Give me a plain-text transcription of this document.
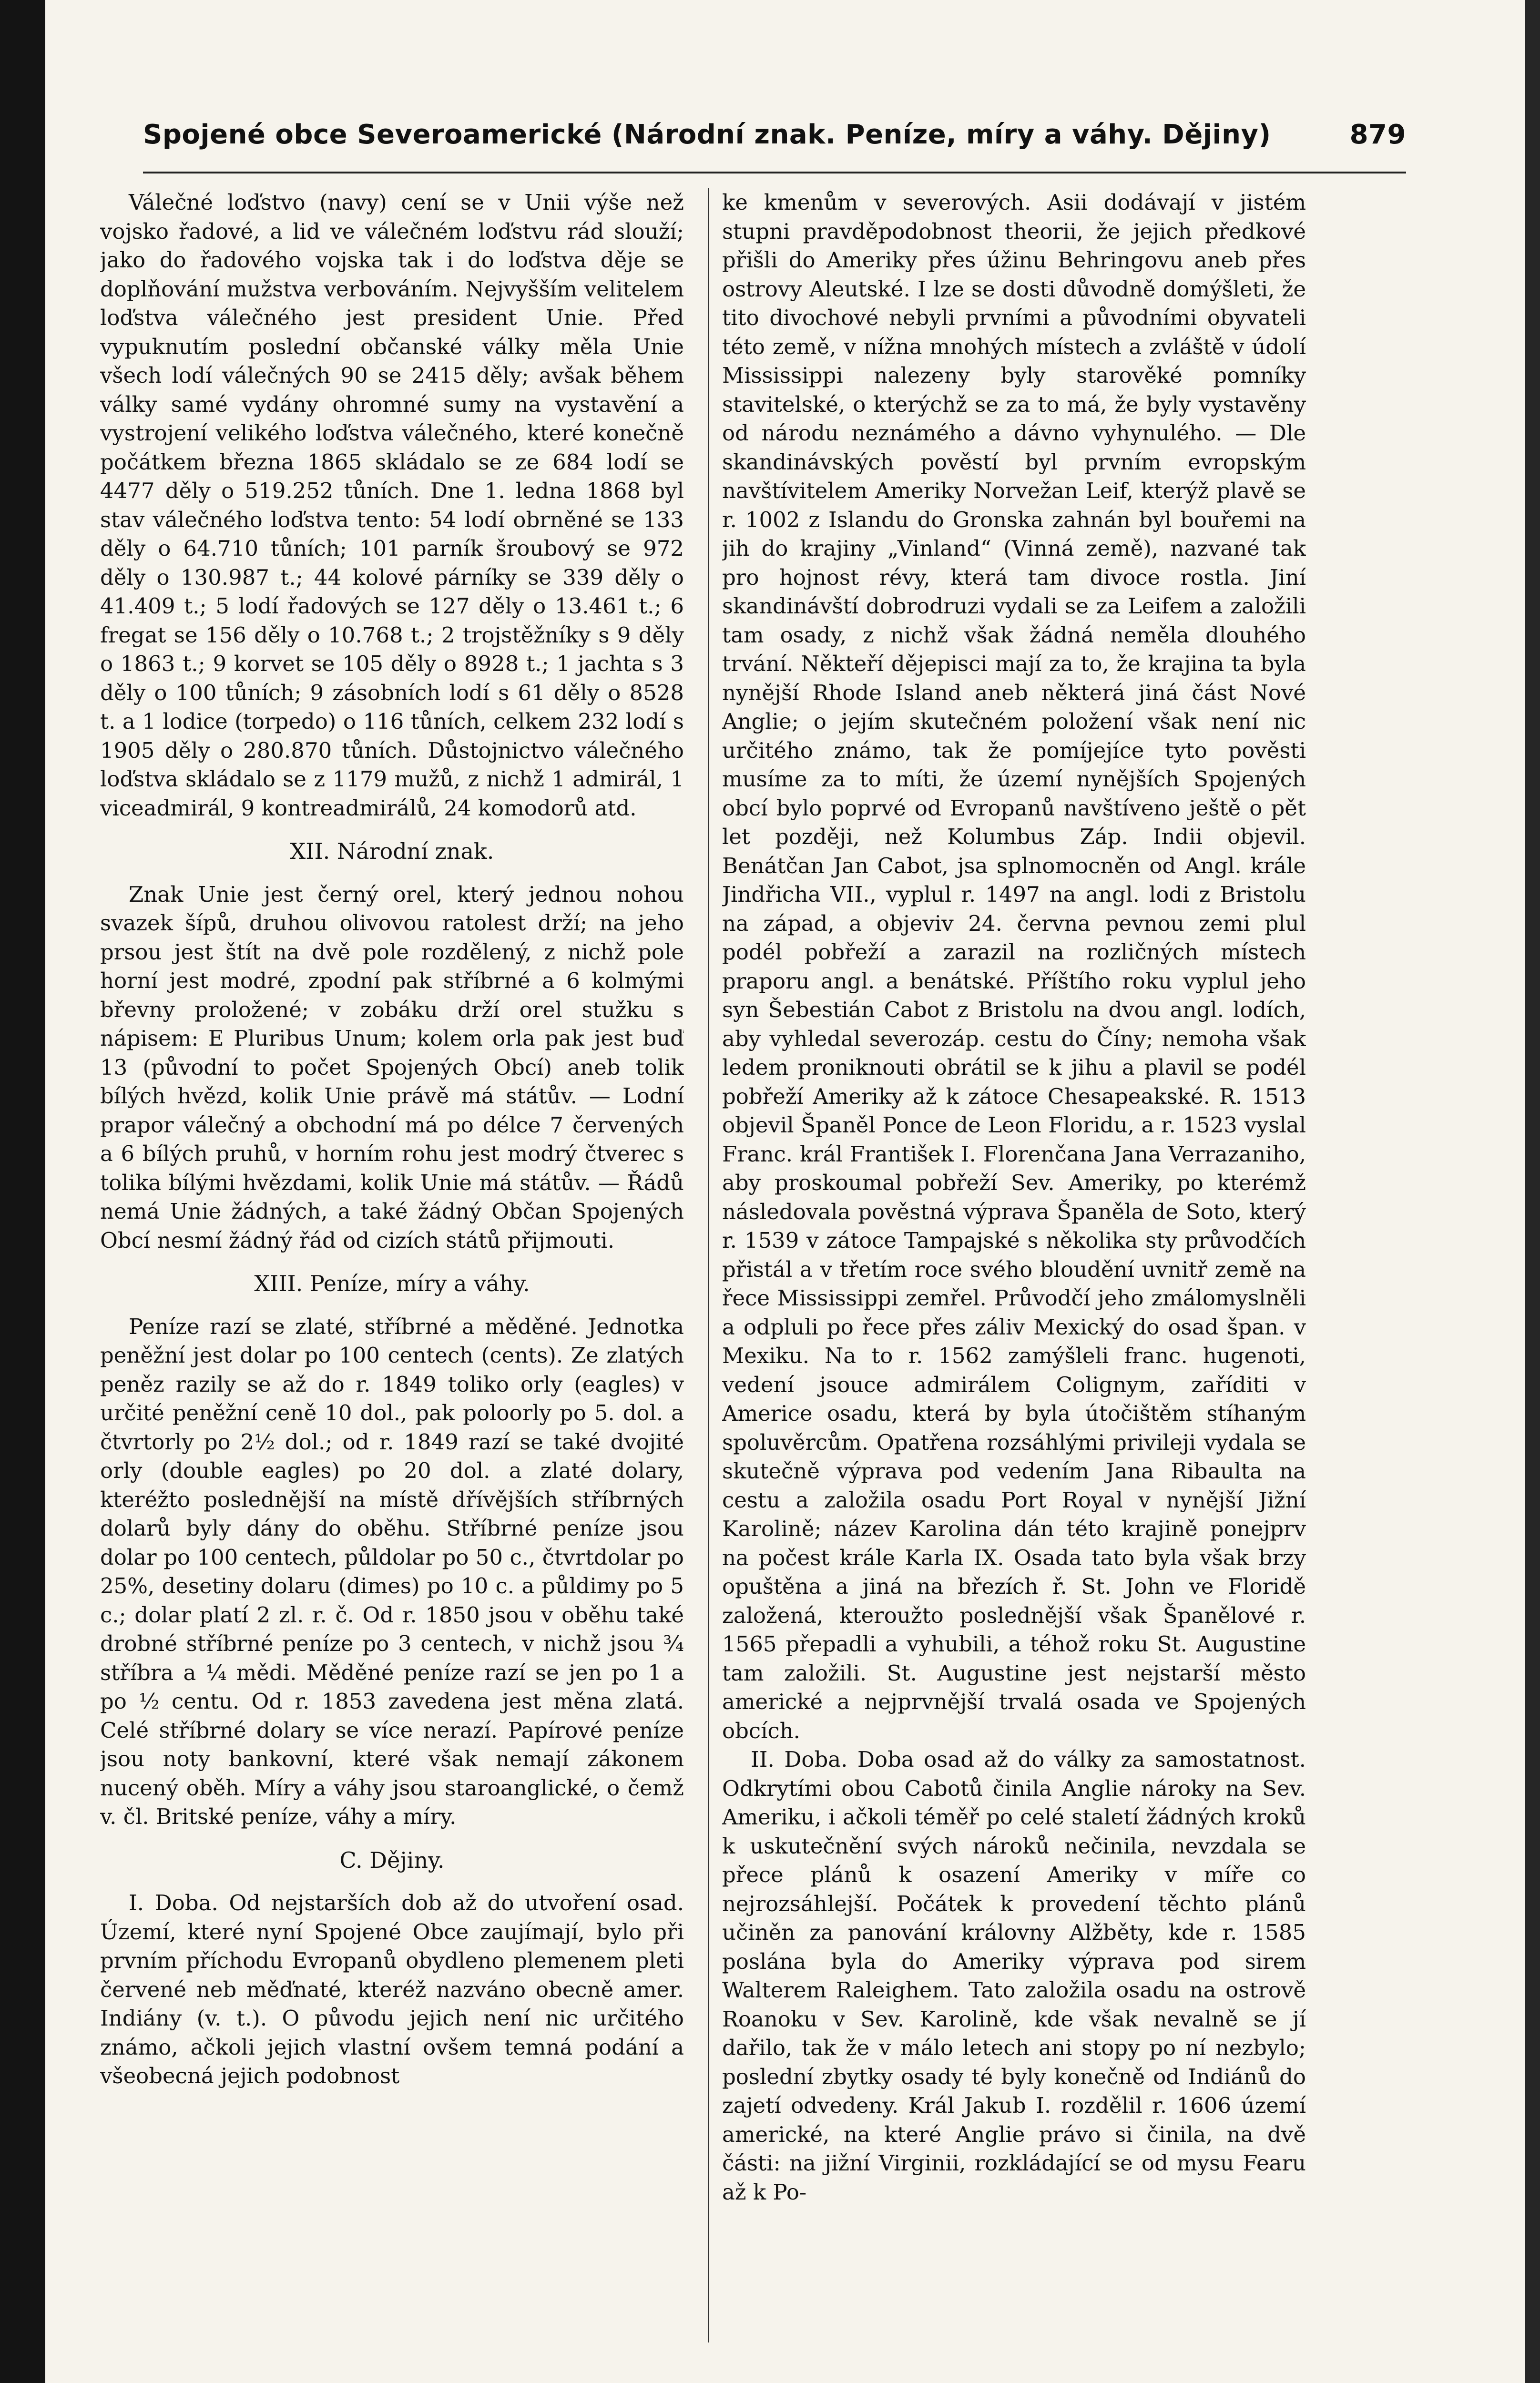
Spojené obce Severoamerické (Národní znak. Peníze, míry a váhy. Dějiny)	879

Válečné loďstvo (navy) cení se v Unii výše než vojsko řadové, a lid ve válečném loďstvu rád slouží; jako do řadového vojska tak i do loďstva děje se doplňování mužstva verbováním. Nejvyšším velitelem loďstva válečného jest president Unie. Před vypuknutím poslední občanské války měla Unie všech lodí válečných 90 se 2415 děly; avšak během války samé vydány ohromné sumy na vystavění a vystrojení velikého loďstva válečného, které konečně počátkem března 1865 skládalo se ze 684 lodí se 4477 děly o 519.252 tůních. Dne 1. ledna 1868 byl stav válečného loďstva tento: 54 lodí obrněné se 133 děly o 64.710 tůních; 101 parník šroubový se 972 děly o 130.987 t.; 44 kolové párníky se 339 děly o 41.409 t.; 5 lodí řadových se 127 děly o 13.461 t.; 6 fregat se 156 děly o 10.768 t.; 2 trojstěžníky s 9 děly o 1863 t.; 9 korvet se 105 děly o 8928 t.; 1 jachta s 3 děly o 100 tůních; 9 zásobních lodí s 61 děly o 8528 t. a 1 lodice (torpedo) o 116 tůních, celkem 232 lodí s 1905 děly o 280.870 tůních. Důstojnictvo válečného loďstva skládalo se z 1179 mužů, z nichž 1 admirál, 1 viceadmirál, 9 kontreadmirálů, 24 komodorů atd.

XII. Národní znak.

Znak Unie jest černý orel, který jednou nohou svazek šípů, druhou olivovou ratolest drží; na jeho prsou jest štít na dvě pole rozdělený, z nichž pole horní jest modré, zpodní pak stříbrné a 6 kolmými břevny proložené; v zobáku drží orel stužku s nápisem: E Pluribus Unum; kolem orla pak jest buď 13 (původní to počet Spojených Obcí) aneb tolik bílých hvězd, kolik Unie právě má státův. — Lodní prapor válečný a obchodní má po délce 7 červených a 6 bílých pruhů, v horním rohu jest modrý čtverec s tolika bílými hvězdami, kolik Unie má státův. — Řádů nemá Unie žádných, a také žádný Občan Spojených Obcí nesmí žádný řád od cizích států přijmouti.

XIII. Peníze, míry a váhy.

Peníze razí se zlaté, stříbrné a měděné. Jednotka peněžní jest dolar po 100 centech (cents). Ze zlatých peněz razily se až do r. 1849 toliko orly (eagles) v určité peněžní ceně 10 dol., pak poloorly po 5. dol. a čtvrtorly po 2½ dol.; od r. 1849 razí se také dvojité orly (double eagles) po 20 dol. a zlaté dolary, kteréžto poslednější na místě dřívějších stříbrných dolarů byly dány do oběhu. Stříbrné peníze jsou dolar po 100 centech, půldolar po 50 c., čtvrtdolar po 25%, desetiny dolaru (dimes) po 10 c. a půldimy po 5 c.; dolar platí 2 zl. r. č. Od r. 1850 jsou v oběhu také drobné stříbrné peníze po 3 centech, v nichž jsou ¾ stříbra a ¼ mědi. Měděné peníze razí se jen po 1 a po ½ centu. Od r. 1853 zavedena jest měna zlatá. Celé stříbrné dolary se více nerazí. Papírové peníze jsou noty bankovní, které však nemají zákonem nucený oběh. Míry a váhy jsou staroanglické, o čemž v. čl. Britské peníze, váhy a míry.

C. Dějiny.

I. Doba. Od nejstarších dob až do utvoření osad. Území, které nyní Spojené Obce zaujímají, bylo při prvním příchodu Evropanů obydleno plemenem pleti červené neb měďnaté, kteréž nazváno obecně amer. Indiány (v. t.). O původu jejich není nic určitého známo, ačkoli jejich vlastní ovšem temná podání a všeobecná jejich podobnost

ke kmenům v severových. Asii dodávají v jistém stupni pravděpodobnost theorii, že jejich předkové přišli do Ameriky přes úžinu Behringovu aneb přes ostrovy Aleutské. I lze se dosti důvodně domýšleti, že tito divochové nebyli prvními a původními obyvateli této země, v nížna mnohých místech a zvláště v údolí Mississippi nalezeny byly starověké pomníky stavitelské, o kterýchž se za to má, že byly vystavěny od národu neznámého a dávno vyhynulého. — Dle skandinávských pověstí byl prvním evropským navštívitelem Ameriky Norvežan Leif, kterýž plavě se r. 1002 z Islandu do Gronska zahnán byl bouřemi na jih do krajiny „Vinland“ (Vinná země), nazvané tak pro hojnost révy, která tam divoce rostla. Jiní skandinávští dobrodruzi vydali se za Leifem a založili tam osady, z nichž však žádná neměla dlouhého trvání. Někteří dějepisci mají za to, že krajina ta byla nynější Rhode Island aneb některá jiná část Nové Anglie; o jejím skutečném položení však není nic určitého známo, tak že pomíjejíce tyto pověsti musíme za to míti, že území nynějších Spojených obcí bylo poprvé od Evropanů navštíveno ještě o pět let později, než Kolumbus Záp. Indii objevil. Benátčan Jan Cabot, jsa splnomocněn od Angl. krále Jindřicha VII., vyplul r. 1497 na angl. lodi z Bristolu na západ, a objeviv 24. června pevnou zemi plul podél pobřeží a zarazil na rozličných místech praporu angl. a benátské. Příštího roku vyplul jeho syn Šebestián Cabot z Bristolu na dvou angl. lodích, aby vyhledal severozáp. cestu do Číny; nemoha však ledem proniknouti obrátil se k jihu a plavil se podél pobřeží Ameriky až k zátoce Chesapeakské. R. 1513 objevil Španěl Ponce de Leon Floridu, a r. 1523 vyslal Franc. král František I. Florenčana Jana Verrazaniho, aby proskoumal pobřeží Sev. Ameriky, po kterémž následovala pověstná výprava Španěla de Soto, který r. 1539 v zátoce Tampajské s několika sty průvodčích přistál a v třetím roce svého bloudění uvnitř země na řece Mississippi zemřel. Průvodčí jeho zmálomyslněli a odpluli po řece přes záliv Mexický do osad špan. v Mexiku. Na to r. 1562 zamýšleli franc. hugenoti, vedení jsouce admirálem Colignym, zaříditi v Americe osadu, která by byla útočištěm stíhaným spoluvěrcům. Opatřena rozsáhlými privileji vydala se skutečně výprava pod vedením Jana Ribaulta na cestu a založila osadu Port Royal v nynější Jižní Karolině; název Karolina dán této krajině ponejprv na počest krále Karla IX. Osada tato byla však brzy opuštěna a jiná na březích ř. St. John ve Floridě založená, kteroužto poslednější však Španělové r. 1565 přepadli a vyhubili, a téhož roku St. Augustine tam založili. St. Augustine jest nejstarší město americké a nejprvnější trvalá osada ve Spojených obcích.

II. Doba. Doba osad až do války za samostatnost. Odkrytími obou Cabotů činila Anglie nároky na Sev. Ameriku, i ačkoli téměř po celé staletí žádných kroků k uskutečnění svých nároků nečinila, nevzdala se přece plánů k osazení Ameriky v míře co nejrozsáhlejší. Počátek k provedení těchto plánů učiněn za panování královny Alžběty, kde r. 1585 poslána byla do Ameriky výprava pod sirem Walterem Raleighem. Tato založila osadu na ostrově Roanoku v Sev. Karolině, kde však nevalně se jí dařilo, tak že v málo letech ani stopy po ní nezbylo; poslední zbytky osady té byly konečně od Indiánů do zajetí odvedeny. Král Jakub I. rozdělil r. 1606 území americké, na které Anglie právo si činila, na dvě části: na jižní Virginii, rozkládající se od mysu Fearu až k Po-
